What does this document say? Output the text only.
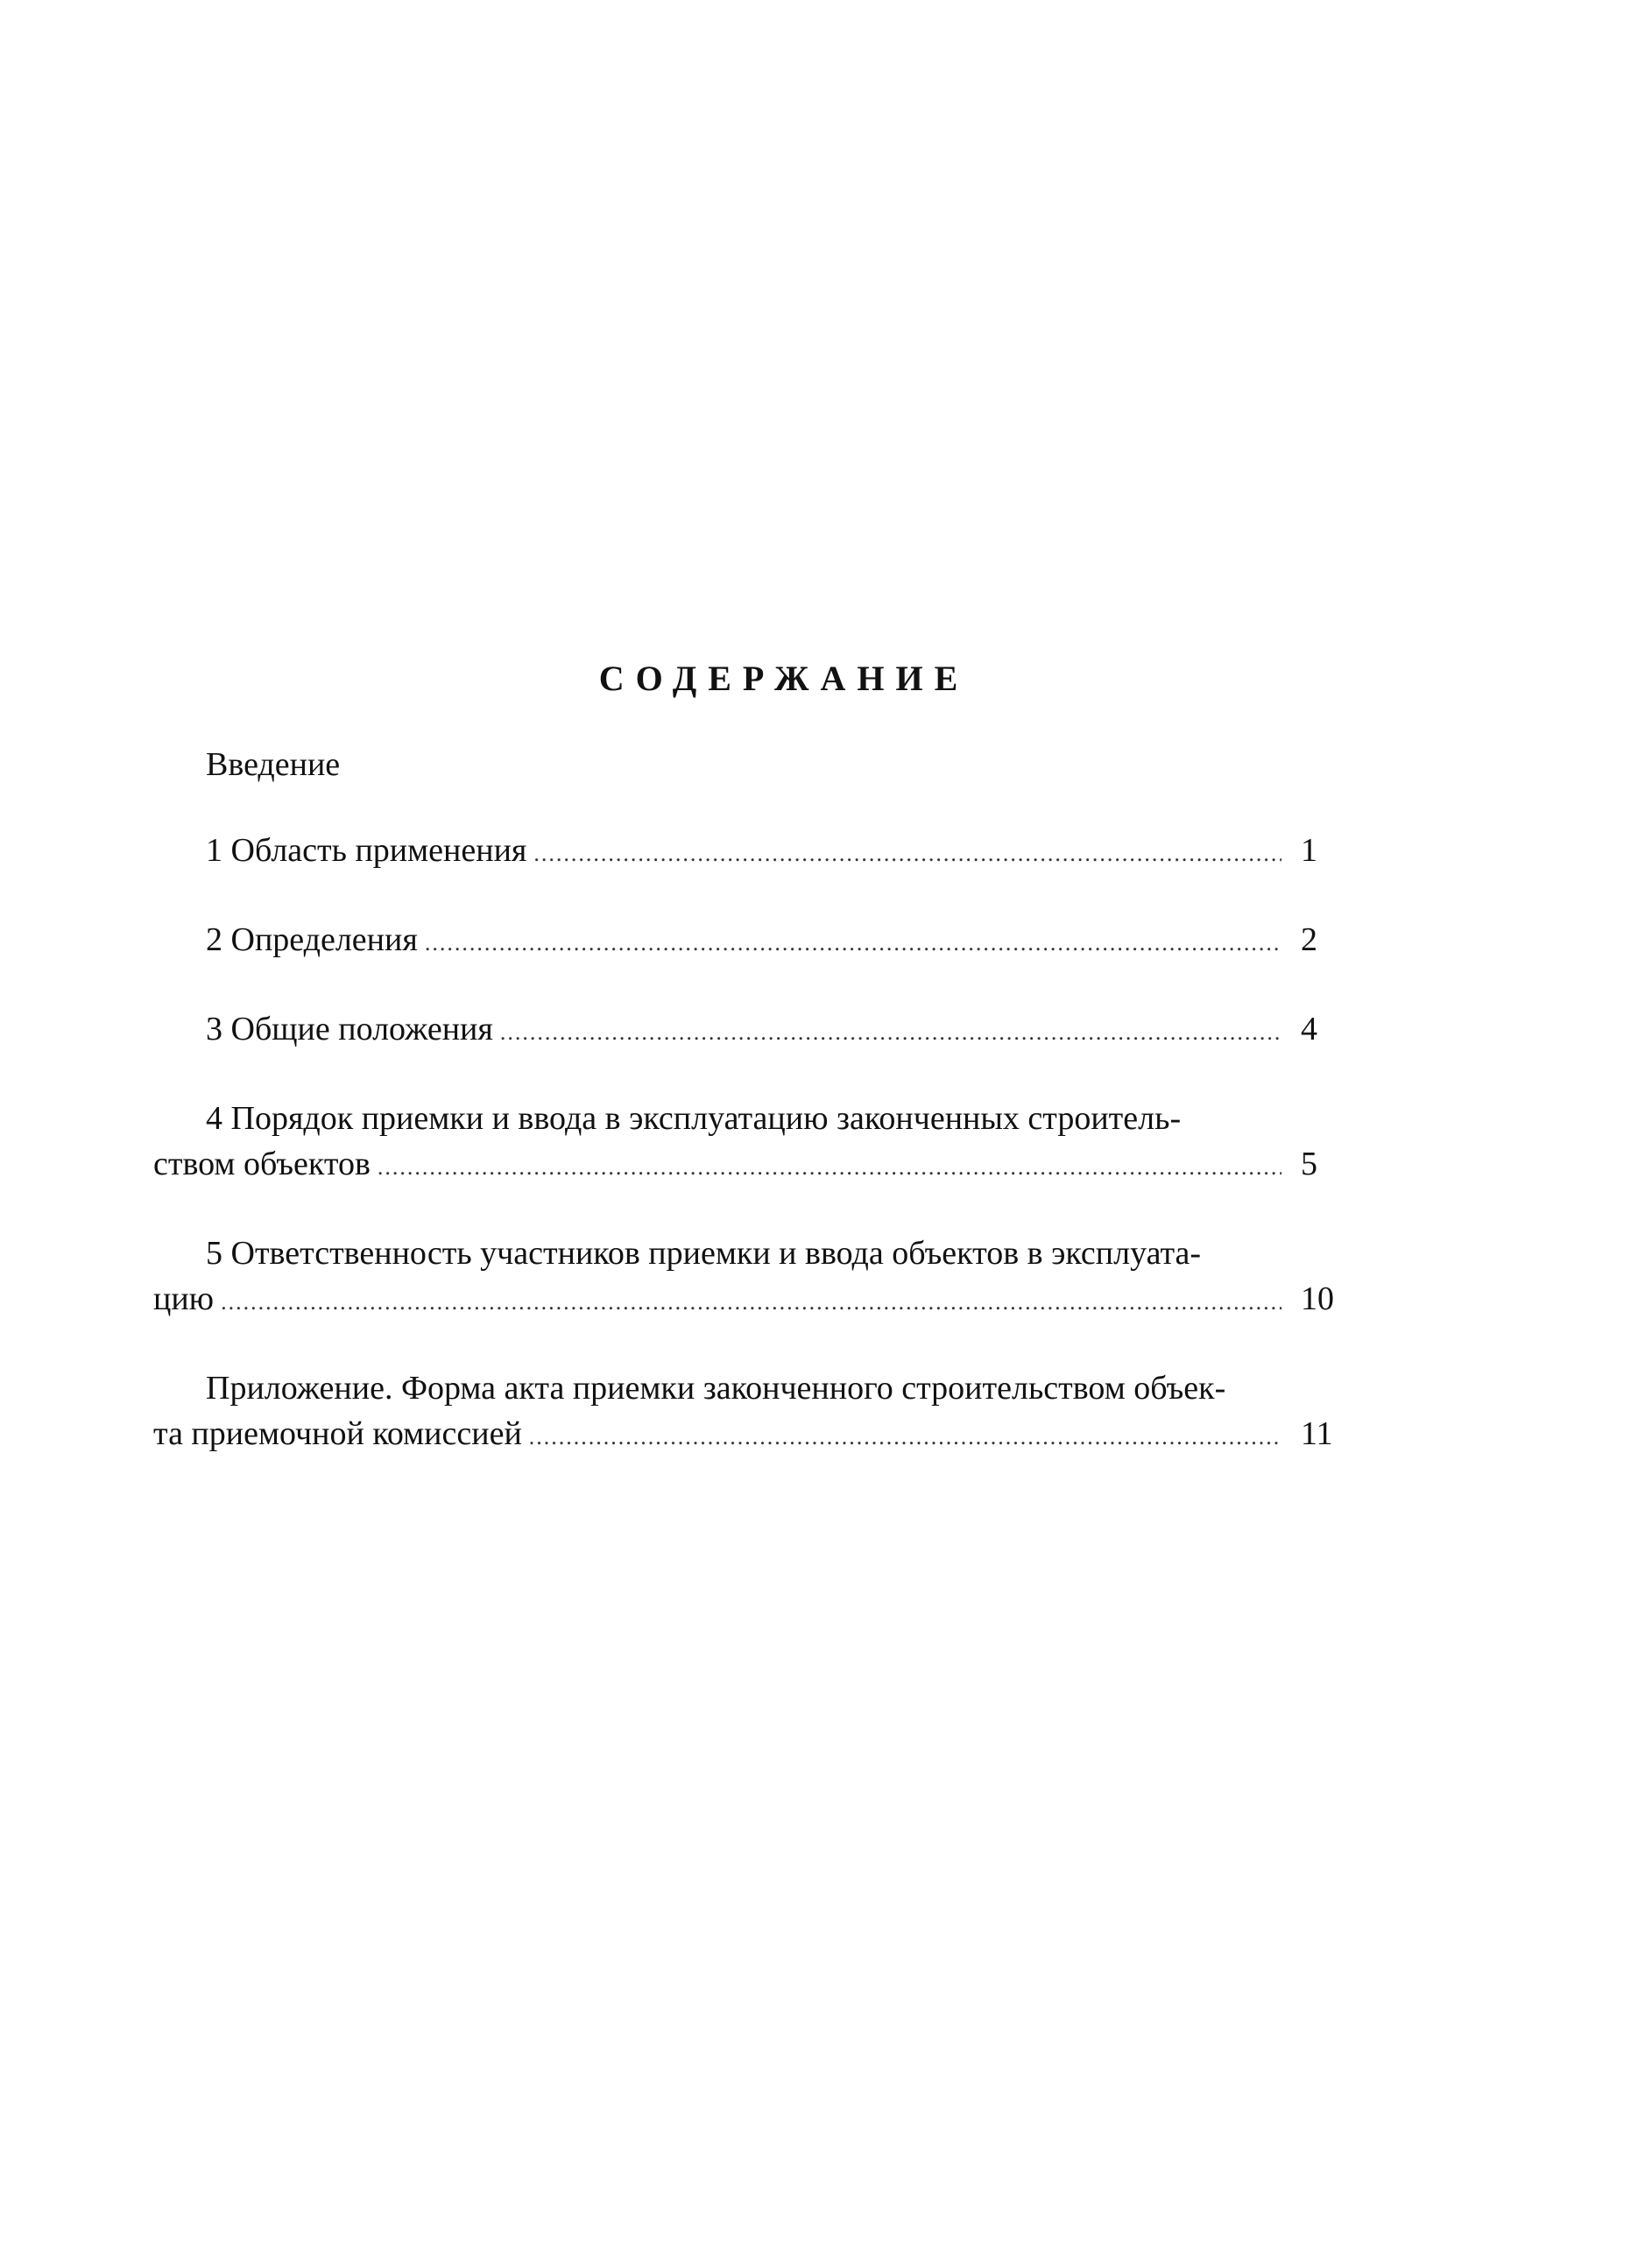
СОДЕРЖАНИЕ
Введение
1 Область применения .....	1
2 Определения .....	2
3 Общие положения .....	4
4 Порядок приемки и ввода в эксплуатацию законченных строитель-
ством объектов .....	5
5 Ответственность участников приемки и ввода объектов в эксплуата-
цию .....	10
Приложение. Форма акта приемки законченного строительством объек-
та приемочной комиссией .....	11
